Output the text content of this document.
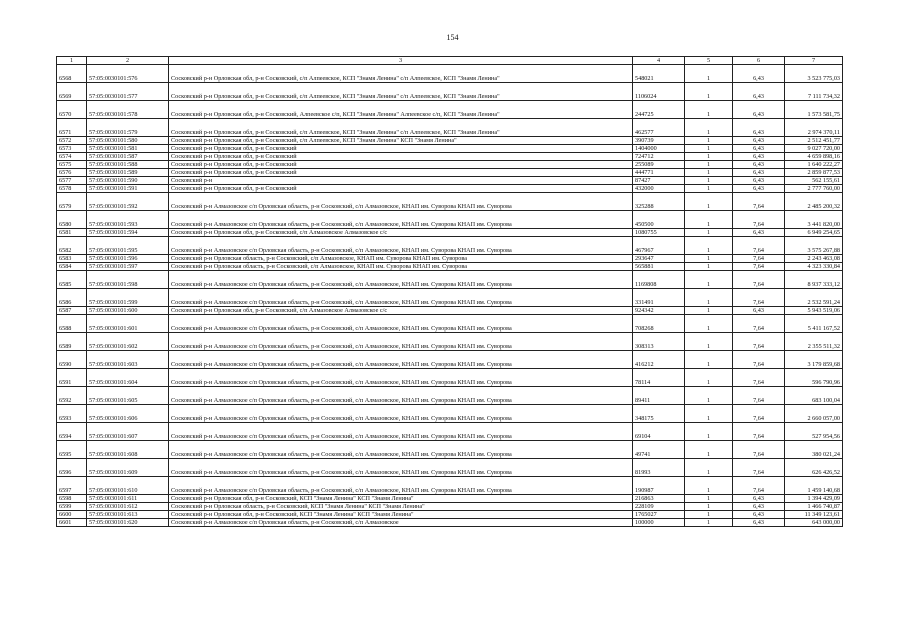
154
1	2	3	4	5	6	7
6568	57:05:0030101:576	Сосковский р-н Орловская обл, р-н Сосковский, с/п Алпеевское, КСП "Знамя Ленина" с/п Алпеевское, КСП "Знамя Ленина"	548021	1	6,43	3 523 775,03
6569	57:05:0030101:577	Сосковский р-н Орловская обл, р-н Сосковский, с/п Алпеевское, КСП "Знамя Ленина" с/п Алпеевское, КСП "Знамя Ленина"	1106024	1	6,43	7 111 734,32
6570	57:05:0030101:578	Сосковский р-н Орловская обл, р-н Сосковский, Алпеевское с/п, КСП "Знамя Ленина" Алпеевское с/п, КСП "Знамя Ленина"	244725	1	6,43	1 573 581,75
6571	57:05:0030101:579	Сосковский р-н Орловская обл, р-н Сосковский, с/п Алпеевское, КСП "Знамя Ленина" с/п Алпеевское, КСП "Знамя Ленина"	462577	1	6,43	2 974 370,11
6572	57:05:0030101:580	Сосковский р-н Орловская обл, р-н Сосковский, с/п Алпеевское, КСП "Знамя Ленина" КСП "Знамя Ленина"	390739	1	6,43	2 512 451,77
6573	57:05:0030101:581	Сосковский р-н Орловская обл, р-н Сосковский	1404000	1	6,43	9 027 720,00
6574	57:05:0030101:587	Сосковский р-н Орловская обл, р-н Сосковский	724712	1	6,43	4 659 898,16
6575	57:05:0030101:588	Сосковский р-н Орловская обл, р-н Сосковский	255089	1	6,43	1 640 222,27
6576	57:05:0030101:589	Сосковский р-н Орловская обл, р-н Сосковский	444771	1	6,43	2 859 877,53
6577	57:05:0030101:590	Сосковский р-н	87427	1	6,43	562 155,61
6578	57:05:0030101:591	Сосковский р-н Орловская обл, р-н Сосковский	432000	1	6,43	2 777 760,00
6579	57:05:0030101:592	Сосковский р-н Алмазовское с/п Орловская область, р-н Сосковский, с/п Алмазовское, КНАП им. Суворова КНАП им. Суворова	325288	1	7,64	2 485 200,32
6580	57:05:0030101:593	Сосковский р-н Алмазовское с/п Орловская область, р-н Сосковский, с/п Алмазовское, КНАП им. Суворова КНАП им. Суворова	450500	1	7,64	3 441 820,00
6581	57:05:0030101:594	Сосковский р-н Орловская обл, р-н Сосковский, с/п Алмазовское Алмазовское с/с	1080755	1	6,43	6 949 254,65
6582	57:05:0030101:595	Сосковский р-н Алмазовское с/п Орловская область, р-н Сосковский, с/п Алмазовское, КНАП им. Суворова КНАП им. Суворова	467967	1	7,64	3 575 267,88
6583	57:05:0030101:596	Сосковский р-н Орловская область, р-н Сосковский, с/п Алмазовское, КНАП им. Суворова КНАП им. Суворова	293647	1	7,64	2 243 463,08
6584	57:05:0030101:597	Сосковский р-н Орловская область, р-н Сосковский, с/п Алмазовское, КНАП им. Суворова КНАП им. Суворова	565881	1	7,64	4 323 330,84
6585	57:05:0030101:598	Сосковский р-н Алмазовское с/п Орловская область, р-н Сосковский, с/п Алмазовское, КНАП им. Суворова КНАП им. Суворова	1169808	1	7,64	8 937 333,12
6586	57:05:0030101:599	Сосковский р-н Алмазовское с/п Орловская область, р-н Сосковский, с/п Алмазовское, КНАП им. Суворова КНАП им. Суворова	331491	1	7,64	2 532 591,24
6587	57:05:0030101:600	Сосковский р-н Орловская обл, р-н Сосковский, с/п Алмазовское Алмазовское с/с	924342	1	6,43	5 943 519,06
6588	57:05:0030101:601	Сосковский р-н Алмазовское с/п Орловская область, р-н Сосковский, с/п Алмазовское, КНАП им. Суворова КНАП им. Суворова	708268	1	7,64	5 411 167,52
6589	57:05:0030101:602	Сосковский р-н Алмазовское с/п Орловская область, р-н Сосковский, с/п Алмазовское, КНАП им. Суворова КНАП им. Суворова	308313	1	7,64	2 355 511,32
6590	57:05:0030101:603	Сосковский р-н Алмазовское с/п Орловская область, р-н Сосковский, с/п Алмазовское, КНАП им. Суворова КНАП им. Суворова	416212	1	7,64	3 179 859,68
6591	57:05:0030101:604	Сосковский р-н Алмазовское с/п Орловская область, р-н Сосковский, с/п Алмазовское, КНАП им. Суворова КНАП им. Суворова	78114	1	7,64	596 790,96
6592	57:05:0030101:605	Сосковский р-н Алмазовское с/п Орловская область, р-н Сосковский, с/п Алмазовское, КНАП им. Суворова КНАП им. Суворова	89411	1	7,64	683 100,04
6593	57:05:0030101:606	Сосковский р-н Алмазовское с/п Орловская область, р-н Сосковский, с/п Алмазовское, КНАП им. Суворова КНАП им. Суворова	348175	1	7,64	2 660 057,00
6594	57:05:0030101:607	Сосковский р-н Алмазовское с/п Орловская область, р-н Сосковский, с/п Алмазовское, КНАП им. Суворова КНАП им. Суворова	69104	1	7,64	527 954,56
6595	57:05:0030101:608	Сосковский р-н Алмазовское с/п Орловская область, р-н Сосковский, с/п Алмазовское, КНАП им. Суворова КНАП им. Суворова	49741	1	7,64	380 021,24
6596	57:05:0030101:609	Сосковский р-н Алмазовское с/п Орловская область, р-н Сосковский, с/п Алмазовское, КНАП им. Суворова КНАП им. Суворова	81993	1	7,64	626 426,52
6597	57:05:0030101:610	Сосковский р-н Алмазовское с/п Орловская область, р-н Сосковский, с/п Алмазовское, КНАП им. Суворова КНАП им. Суворова	190987	1	7,64	1 459 140,68
6598	57:05:0030101:611	Сосковский р-н Орловская обл, р-н Сосковский, КСП "Знамя Ленина" КСП "Знамя Ленина"	216863	1	6,43	1 394 429,09
6599	57:05:0030101:612	Сосковский р-н Орловская область, р-н Сосковский, КСП "Знамя Ленина" КСП "Знамя Ленина"	228109	1	6,43	1 466 740,87
6600	57:05:0030101:613	Сосковский р-н Орловская обл, р-н Сосковский, КСП "Знамя Ленина" КСП "Знамя Ленина"	1765027	1	6,43	11 349 123,61
6601	57:05:0030101:620	Сосковский р-н Алмазовское с/п Орловская область, р-н Сосковский, с/п Алмазовское	100000	1	6,43	643 000,00
